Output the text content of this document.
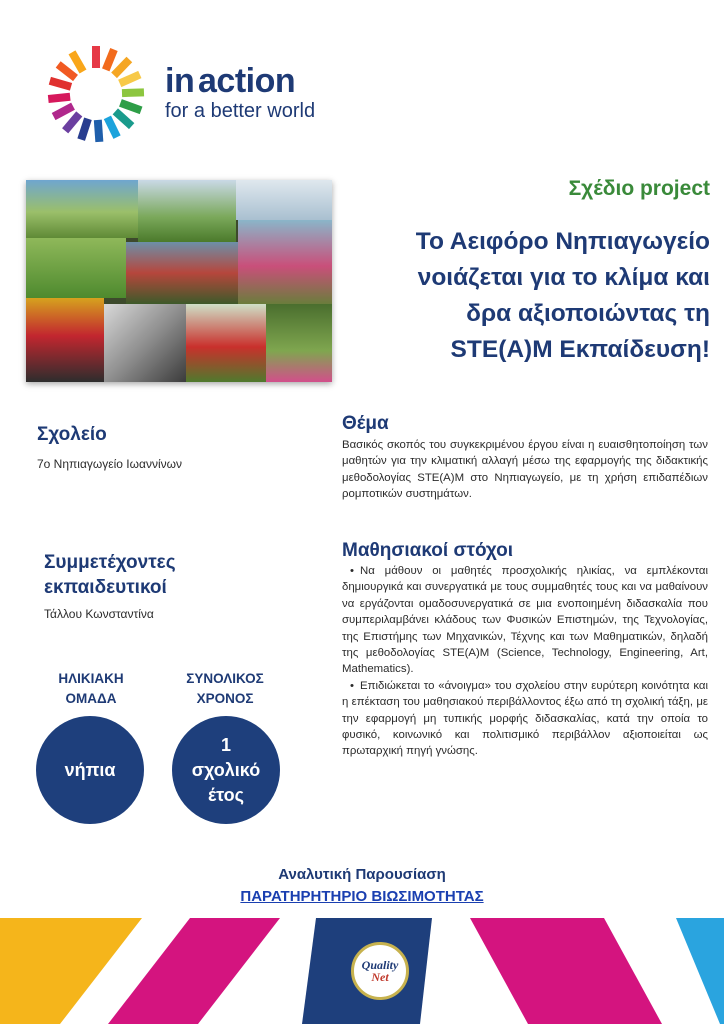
in action
for a better world
Σχέδιο project
Το Αειφόρο Νηπιαγωγείο νοιάζεται για το κλίμα και δρα αξιοποιώντας τη STE(A)M Εκπαίδευση!
Σχολείο
7ο Νηπιαγωγείο Ιωαννίνων
Συμμετέχοντες εκπαιδευτικοί
Τάλλου Κωνσταντίνα
ΗΛΙΚΙΑΚΗ ΟΜΑΔΑ
ΣΥΝΟΛΙΚΟΣ ΧΡΟΝΟΣ
νήπια
1
σχολικό
έτος
Θέμα
Βασικός σκοπός του συγκεκριμένου έργου είναι η ευαισθητοποίηση των μαθητών για την κλιματική αλλαγή μέσω της εφαρμογής της διδακτικής μεθοδολογίας STE(A)M στο Νηπιαγωγείο, με τη χρήση επιδαπέδιων ρομποτικών συστημάτων.
Μαθησιακοί στόχοι
• Να μάθουν οι μαθητές προσχολικής ηλικίας, να εμπλέκονται δημιουργικά και συνεργατικά με τους συμμαθητές τους και να μαθαίνουν να εργάζονται ομαδοσυνεργατικά σε μια ενοποιημένη διδασκαλία που συμπεριλαμβάνει κλάδους των Φυσικών Επιστημών, της Τεχνολογίας, της Επιστήμης των Μηχανικών, Τέχνης και των Μαθηματικών, δηλαδή της μεθοδολογίας STE(A)M (Science, Technology, Engineering, Art, Mathematics).
• Επιδιώκεται το «άνοιγμα» του σχολείου στην ευρύτερη κοινότητα και η επέκταση του μαθησιακού περιβάλλοντος έξω από τη σχολική τάξη, με την εφαρμογή μη τυπικής μορφής διδασκαλίας, κατά την οποία το φυσικό, κοινωνικό και πολιτισμικό περιβάλλον αξιοποιείται ως πρωταρχική πηγή γνώσης.
Αναλυτική Παρουσίαση
ΠΑΡΑΤΗΡΗΤΗΡΙΟ ΒΙΩΣΙΜΟΤΗΤΑΣ
Quality
Net
